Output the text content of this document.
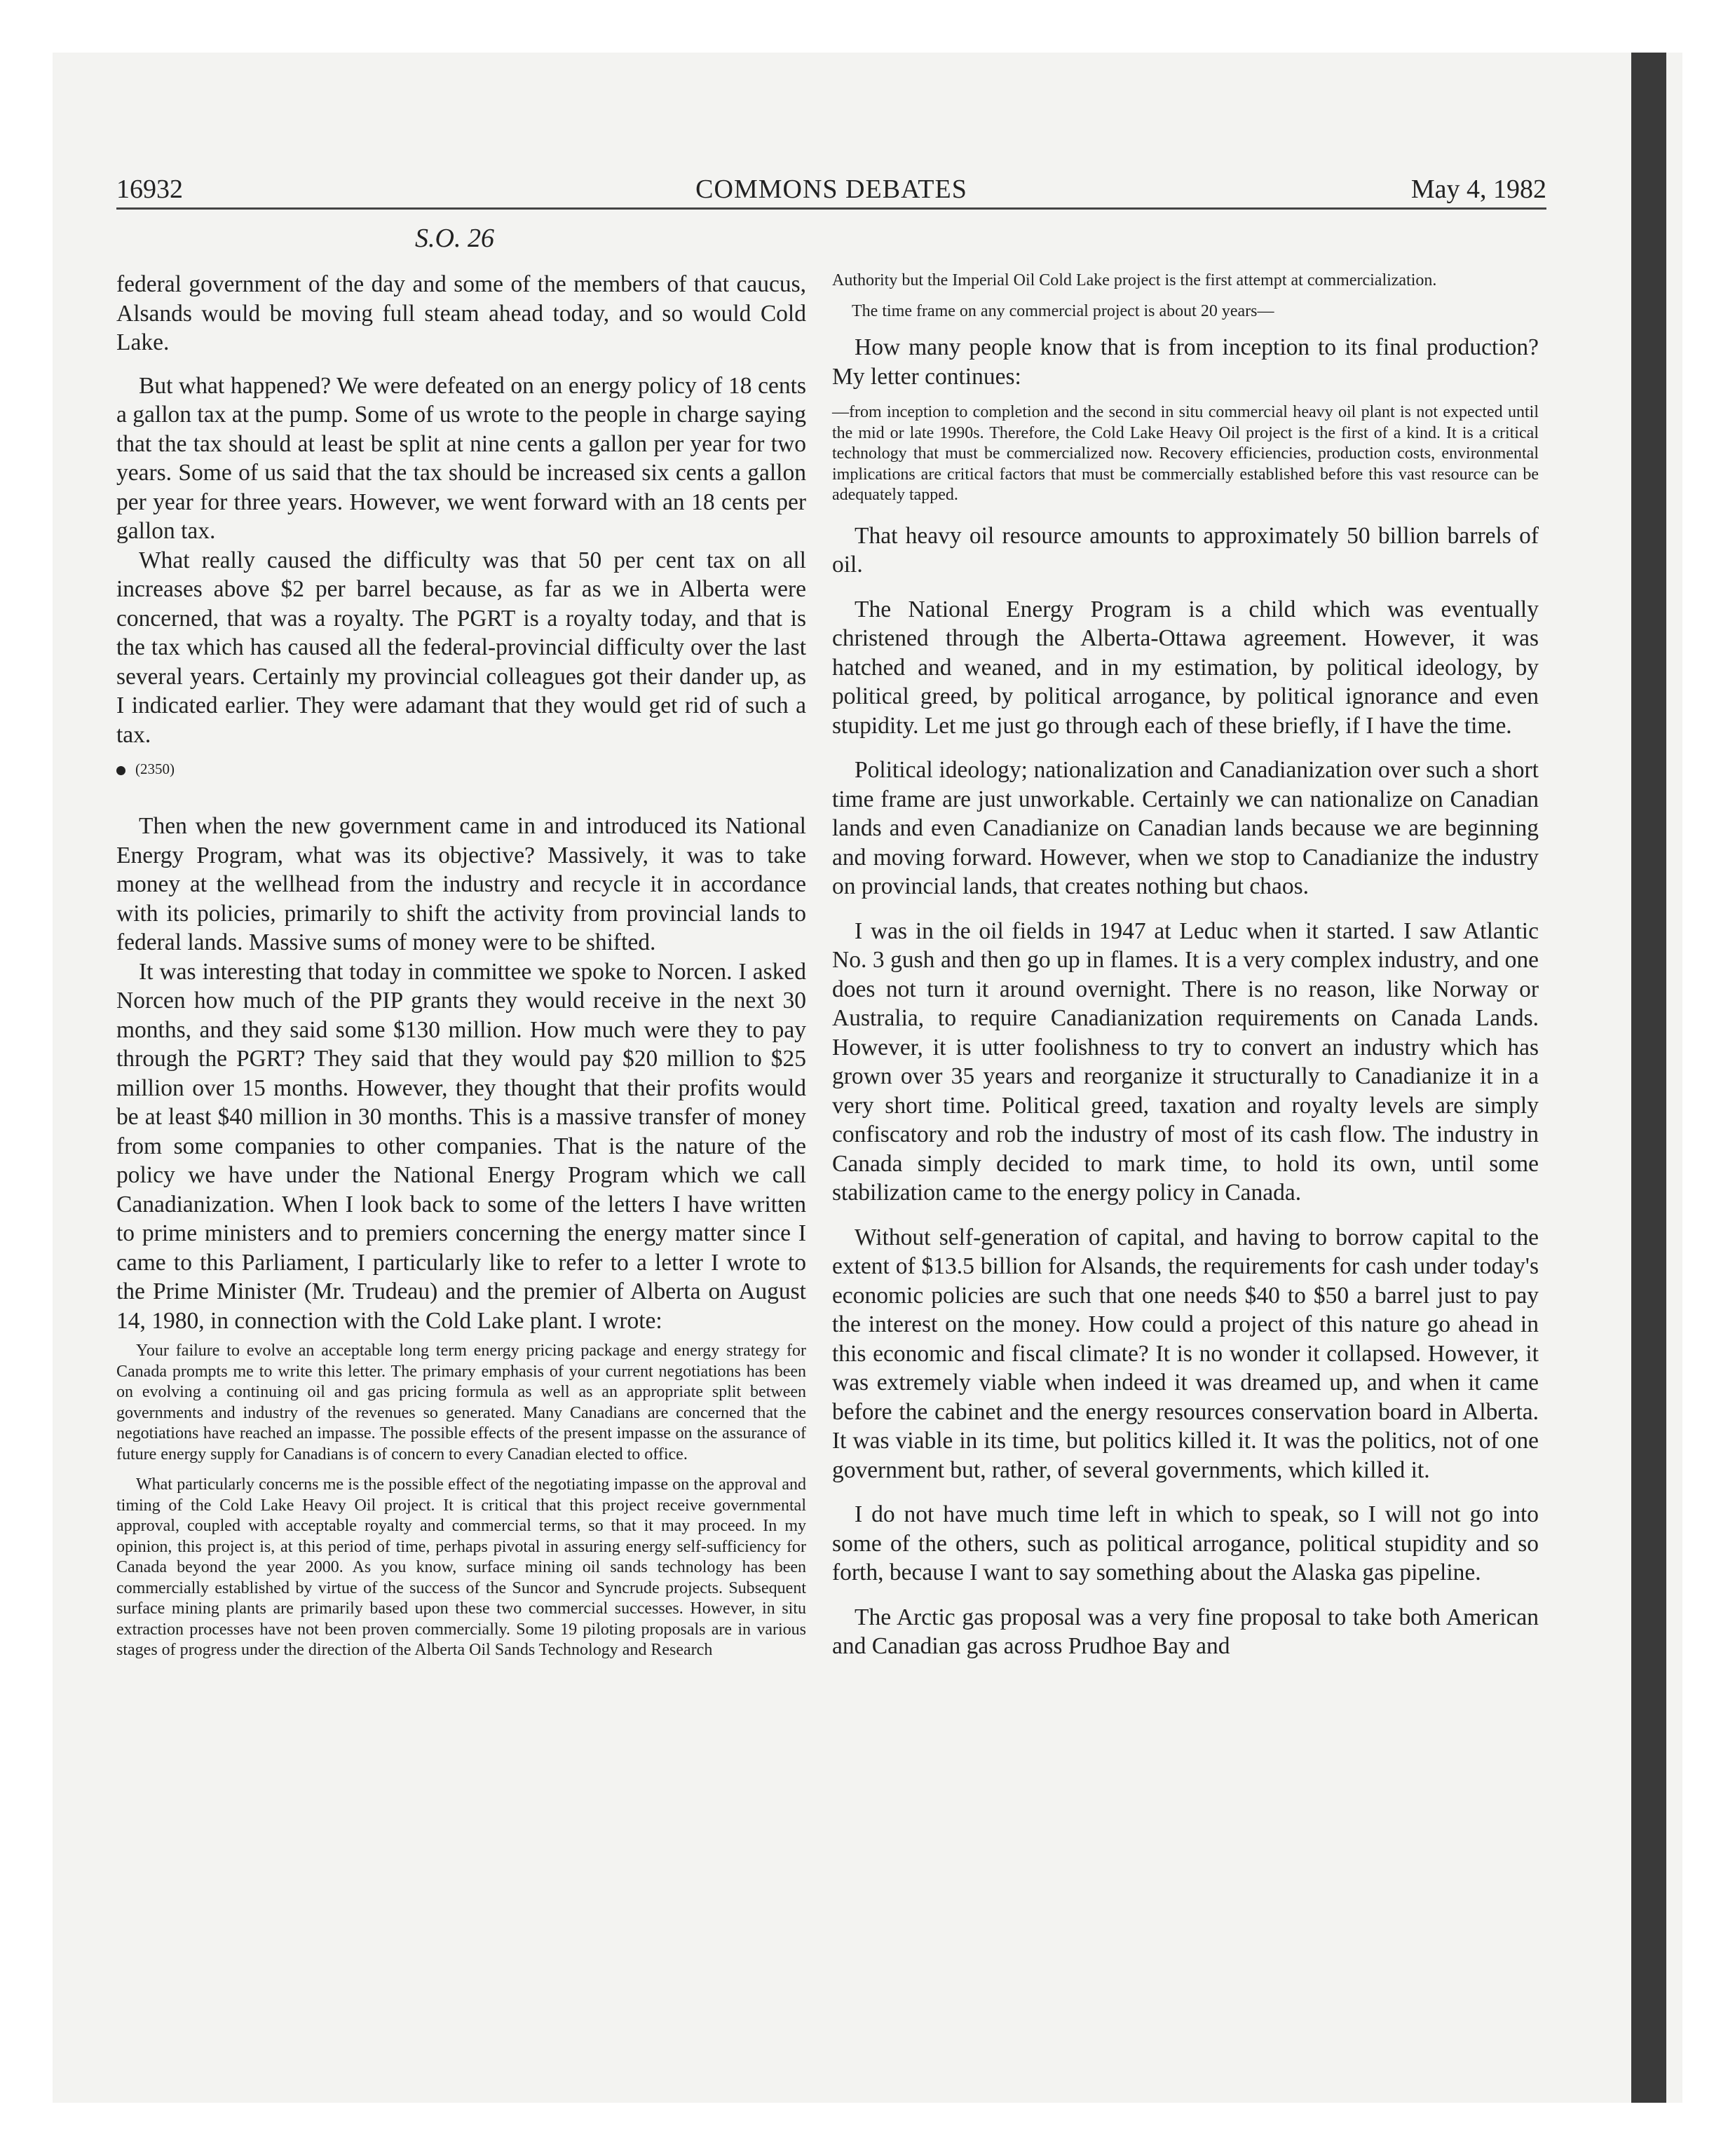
16932	COMMONS DEBATES	May 4, 1982
S.O. 26

federal government of the day and some of the members of that caucus, Alsands would be moving full steam ahead today, and so would Cold Lake.

But what happened? We were defeated on an energy policy of 18 cents a gallon tax at the pump. Some of us wrote to the people in charge saying that the tax should at least be split at nine cents a gallon per year for two years. Some of us said that the tax should be increased six cents a gallon per year for three years. However, we went forward with an 18 cents per gallon tax.

What really caused the difficulty was that 50 per cent tax on all increases above $2 per barrel because, as far as we in Alberta were concerned, that was a royalty. The PGRT is a royalty today, and that is the tax which has caused all the federal-provincial difficulty over the last several years. Certainly my provincial colleagues got their dander up, as I indicated earlier. They were adamant that they would get rid of such a tax.

(2350)

Then when the new government came in and introduced its National Energy Program, what was its objective? Massively, it was to take money at the wellhead from the industry and recycle it in accordance with its policies, primarily to shift the activity from provincial lands to federal lands. Massive sums of money were to be shifted.

It was interesting that today in committee we spoke to Norcen. I asked Norcen how much of the PIP grants they would receive in the next 30 months, and they said some $130 million. How much were they to pay through the PGRT? They said that they would pay $20 million to $25 million over 15 months. However, they thought that their profits would be at least $40 million in 30 months. This is a massive transfer of money from some companies to other companies. That is the nature of the policy we have under the National Energy Program which we call Canadianization. When I look back to some of the letters I have written to prime ministers and to premiers concerning the energy matter since I came to this Parliament, I particularly like to refer to a letter I wrote to the Prime Minister (Mr. Trudeau) and the premier of Alberta on August 14, 1980, in connection with the Cold Lake plant. I wrote:

Your failure to evolve an acceptable long term energy pricing package and energy strategy for Canada prompts me to write this letter. The primary emphasis of your current negotiations has been on evolving a continuing oil and gas pricing formula as well as an appropriate split between governments and industry of the revenues so generated. Many Canadians are concerned that the negotiations have reached an impasse. The possible effects of the present impasse on the assurance of future energy supply for Canadians is of concern to every Canadian elected to office.

What particularly concerns me is the possible effect of the negotiating impasse on the approval and timing of the Cold Lake Heavy Oil project. It is critical that this project receive governmental approval, coupled with acceptable royalty and commercial terms, so that it may proceed. In my opinion, this project is, at this period of time, perhaps pivotal in assuring energy self-sufficiency for Canada beyond the year 2000. As you know, surface mining oil sands technology has been commercially established by virtue of the success of the Suncor and Syncrude projects. Subsequent surface mining plants are primarily based upon these two commercial successes. However, in situ extraction processes have not been proven commercially. Some 19 piloting proposals are in various stages of progress under the direction of the Alberta Oil Sands Technology and Research

Authority but the Imperial Oil Cold Lake project is the first attempt at commercialization.

The time frame on any commercial project is about 20 years—

How many people know that is from inception to its final production? My letter continues:

—from inception to completion and the second in situ commercial heavy oil plant is not expected until the mid or late 1990s. Therefore, the Cold Lake Heavy Oil project is the first of a kind. It is a critical technology that must be commercialized now. Recovery efficiencies, production costs, environmental implications are critical factors that must be commercially established before this vast resource can be adequately tapped.

That heavy oil resource amounts to approximately 50 billion barrels of oil.

The National Energy Program is a child which was eventually christened through the Alberta-Ottawa agreement. However, it was hatched and weaned, and in my estimation, by political ideology, by political greed, by political arrogance, by political ignorance and even stupidity. Let me just go through each of these briefly, if I have the time.

Political ideology; nationalization and Canadianization over such a short time frame are just unworkable. Certainly we can nationalize on Canadian lands and even Canadianize on Canadian lands because we are beginning and moving forward. However, when we stop to Canadianize the industry on provincial lands, that creates nothing but chaos.

I was in the oil fields in 1947 at Leduc when it started. I saw Atlantic No. 3 gush and then go up in flames. It is a very complex industry, and one does not turn it around overnight. There is no reason, like Norway or Australia, to require Canadianization requirements on Canada Lands. However, it is utter foolishness to try to convert an industry which has grown over 35 years and reorganize it structurally to Canadianize it in a very short time. Political greed, taxation and royalty levels are simply confiscatory and rob the industry of most of its cash flow. The industry in Canada simply decided to mark time, to hold its own, until some stabilization came to the energy policy in Canada.

Without self-generation of capital, and having to borrow capital to the extent of $13.5 billion for Alsands, the requirements for cash under today's economic policies are such that one needs $40 to $50 a barrel just to pay the interest on the money. How could a project of this nature go ahead in this economic and fiscal climate? It is no wonder it collapsed. However, it was extremely viable when indeed it was dreamed up, and when it came before the cabinet and the energy resources conservation board in Alberta. It was viable in its time, but politics killed it. It was the politics, not of one government but, rather, of several governments, which killed it.

I do not have much time left in which to speak, so I will not go into some of the others, such as political arrogance, political stupidity and so forth, because I want to say something about the Alaska gas pipeline.

The Arctic gas proposal was a very fine proposal to take both American and Canadian gas across Prudhoe Bay and
